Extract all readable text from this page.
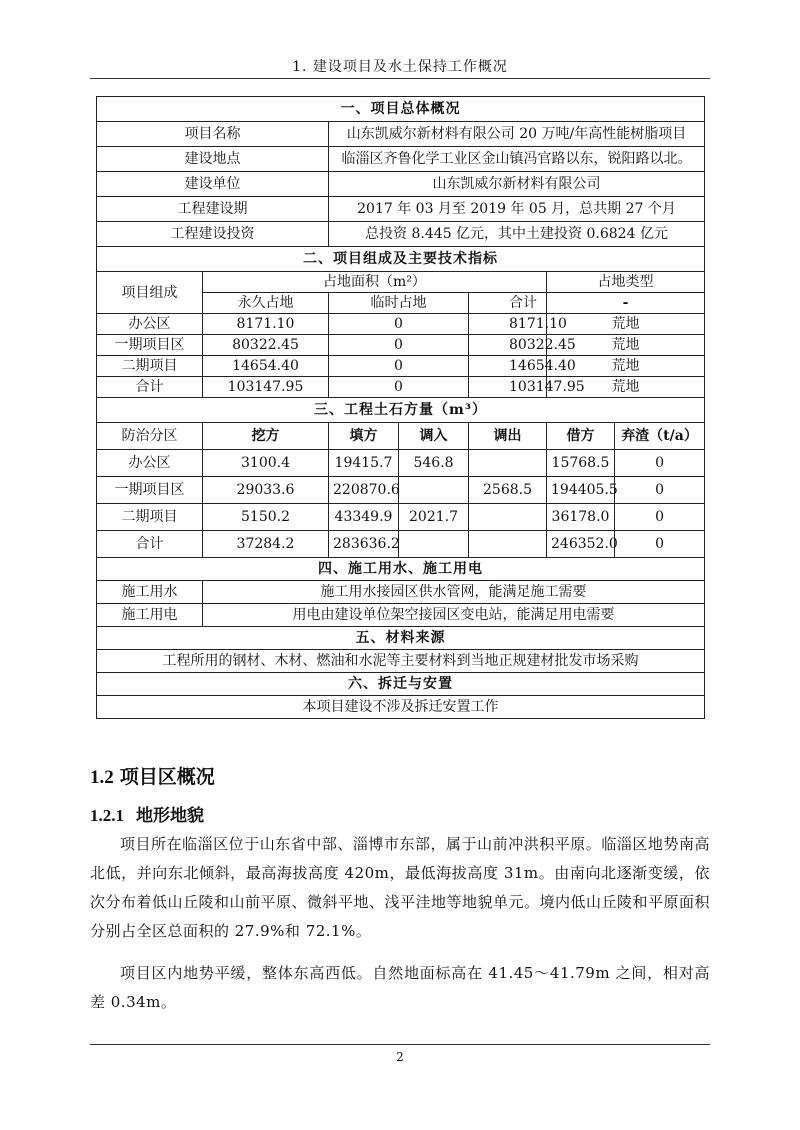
1. 建设项目及水土保持工作概况
一、项目总体概况						
项目名称		山东凯威尔新材料有限公司 20 万吨/年高性能树脂项目				
建设地点		临淄区齐鲁化学工业区金山镇冯官路以东，锐阳路以北。				
建设单位		山东凯威尔新材料有限公司				
工程建设期		2017 年 03 月至 2019 年 05 月，总共期 27 个月				
工程建设投资		总投资 8.445 亿元，其中土建投资 0.6824 亿元				
二、项目组成及主要技术指标						
项目组成	占地面积（m²）				占地类型	
	永久占地	临时占地		合计	-	
办公区	8171.10	0		8171.10	荒地	
一期项目区	80322.45	0		80322.45	荒地	
二期项目	14654.40	0		14654.40	荒地	
合计	103147.95	0		103147.95	荒地	
三、工程土石方量（m³）						
防治分区	挖方	填方	调入	调出	借方	弃渣（t/a）
办公区	3100.4	19415.7	546.8		15768.5	0
一期项目区	29033.6	220870.6		2568.5	194405.5	0
二期项目	5150.2	43349.9	2021.7		36178.0	0
合计	37284.2	283636.2			246352.0	0
四、施工用水、施工用电						
施工用水	施工用水接园区供水管网，能满足施工需要					
施工用电	用电由建设单位架空接园区变电站，能满足用电需要					
五、材料来源						
工程所用的钢材、木材、燃油和水泥等主要材料到当地正规建材批发市场采购						
六、拆迁与安置						
本项目建设不涉及拆迁安置工作						
1.2 项目区概况
1.2.1 地形地貌

项目所在临淄区位于山东省中部、淄博市东部，属于山前冲洪积平原。临淄区地势南高北低，并向东北倾斜，最高海拔高度 420m，最低海拔高度 31m。由南向北逐渐变缓，依次分布着低山丘陵和山前平原、微斜平地、浅平洼地等地貌单元。境内低山丘陵和平原面积分别占全区总面积的 27.9%和 72.1%。

项目区内地势平缓，整体东高西低。自然地面标高在 41.45～41.79m 之间，相对高差 0.34m。

2
